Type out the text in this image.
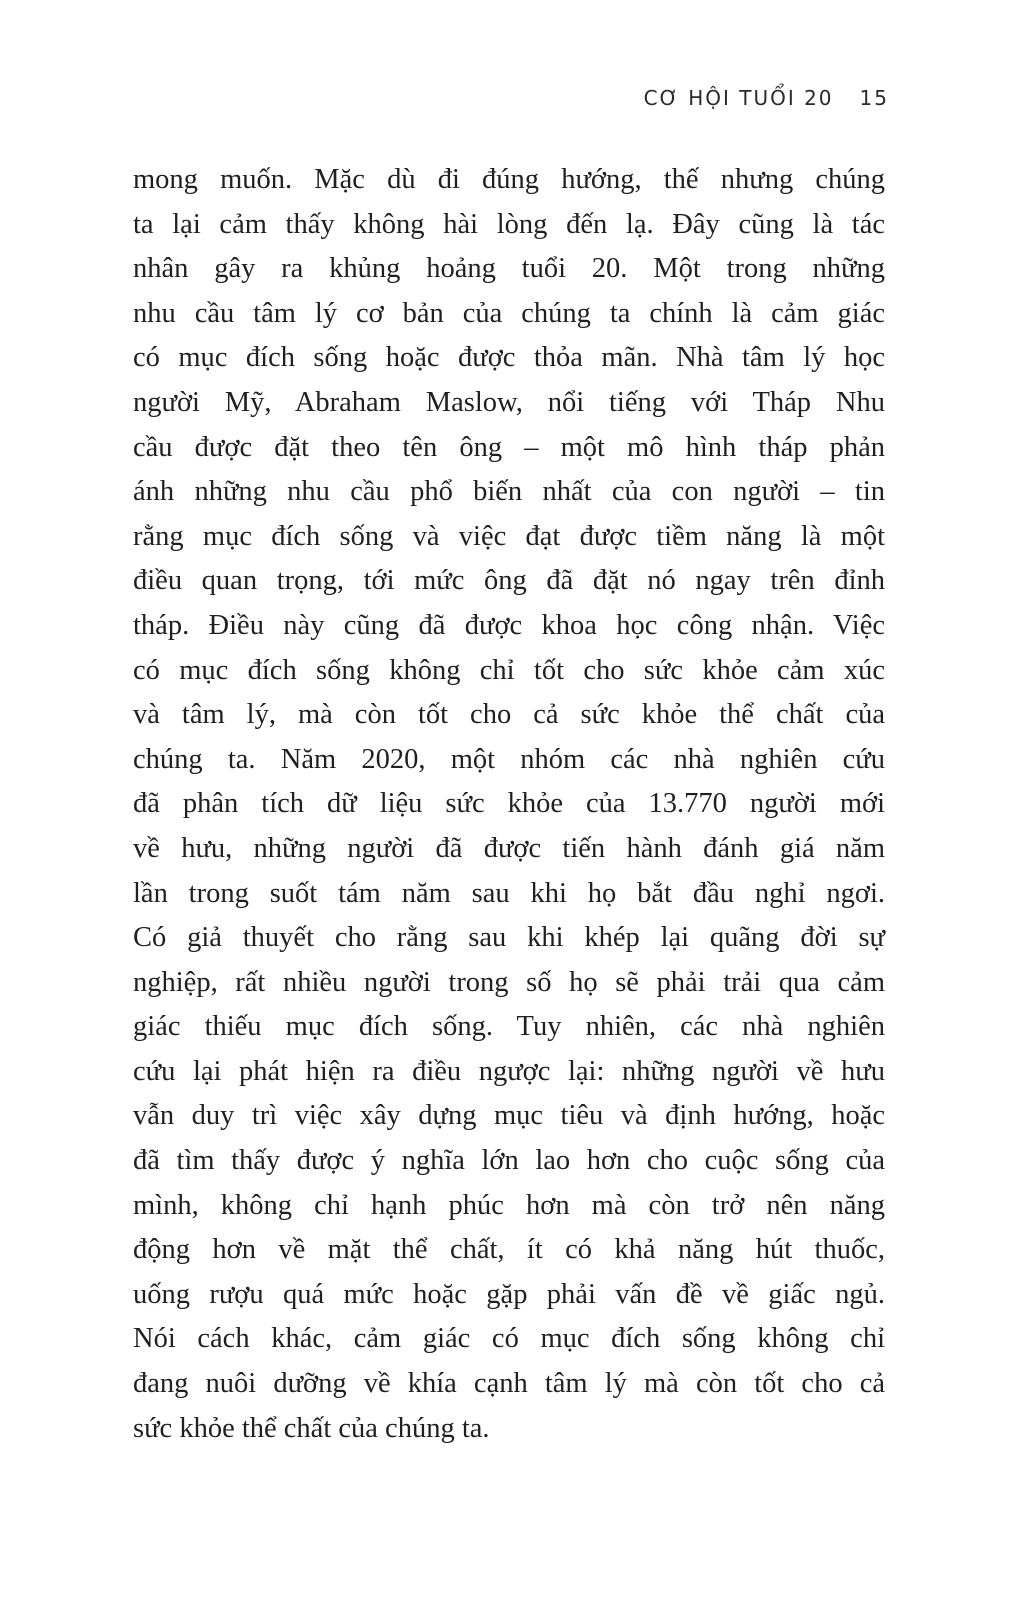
CƠ HỘI TUỔI 20 15
mong muốn. Mặc dù đi đúng hướng, thế nhưng chúng
ta lại cảm thấy không hài lòng đến lạ. Đây cũng là tác
nhân gây ra khủng hoảng tuổi 20. Một trong những
nhu cầu tâm lý cơ bản của chúng ta chính là cảm giác
có mục đích sống hoặc được thỏa mãn. Nhà tâm lý học
người Mỹ, Abraham Maslow, nổi tiếng với Tháp Nhu
cầu được đặt theo tên ông – một mô hình tháp phản
ánh những nhu cầu phổ biến nhất của con người – tin
rằng mục đích sống và việc đạt được tiềm năng là một
điều quan trọng, tới mức ông đã đặt nó ngay trên đỉnh
tháp. Điều này cũng đã được khoa học công nhận. Việc
có mục đích sống không chỉ tốt cho sức khỏe cảm xúc
và tâm lý, mà còn tốt cho cả sức khỏe thể chất của
chúng ta. Năm 2020, một nhóm các nhà nghiên cứu
đã phân tích dữ liệu sức khỏe của 13.770 người mới
về hưu, những người đã được tiến hành đánh giá năm
lần trong suốt tám năm sau khi họ bắt đầu nghỉ ngơi.
Có giả thuyết cho rằng sau khi khép lại quãng đời sự
nghiệp, rất nhiều người trong số họ sẽ phải trải qua cảm
giác thiếu mục đích sống. Tuy nhiên, các nhà nghiên
cứu lại phát hiện ra điều ngược lại: những người về hưu
vẫn duy trì việc xây dựng mục tiêu và định hướng, hoặc
đã tìm thấy được ý nghĩa lớn lao hơn cho cuộc sống của
mình, không chỉ hạnh phúc hơn mà còn trở nên năng
động hơn về mặt thể chất, ít có khả năng hút thuốc,
uống rượu quá mức hoặc gặp phải vấn đề về giấc ngủ.
Nói cách khác, cảm giác có mục đích sống không chỉ
đang nuôi dưỡng về khía cạnh tâm lý mà còn tốt cho cả
sức khỏe thể chất của chúng ta.
